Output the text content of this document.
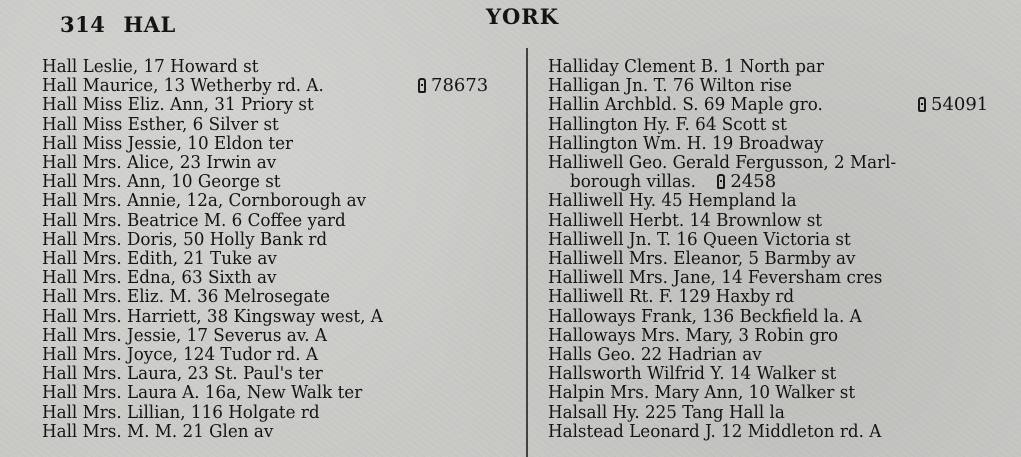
314 HAL	YORK
Hall Leslie, 17 Howard st
Hall Maurice, 13 Wetherby rd. A.	78673
Hall Miss Eliz. Ann, 31 Priory st
Hall Miss Esther, 6 Silver st
Hall Miss Jessie, 10 Eldon ter
Hall Mrs. Alice, 23 Irwin av
Hall Mrs. Ann, 10 George st
Hall Mrs. Annie, 12a, Cornborough av
Hall Mrs. Beatrice M. 6 Coffee yard
Hall Mrs. Doris, 50 Holly Bank rd
Hall Mrs. Edith, 21 Tuke av
Hall Mrs. Edna, 63 Sixth av
Hall Mrs. Eliz. M. 36 Melrosegate
Hall Mrs. Harriett, 38 Kingsway west, A
Hall Mrs. Jessie, 17 Severus av. A
Hall Mrs. Joyce, 124 Tudor rd. A
Hall Mrs. Laura, 23 St. Paul's ter
Hall Mrs. Laura A. 16a, New Walk ter
Hall Mrs. Lillian, 116 Holgate rd
Hall Mrs. M. M. 21 Glen av
Halliday Clement B. 1 North par
Halligan Jn. T. 76 Wilton rise
Hallin Archbld. S. 69 Maple gro.	54091
Hallington Hy. F. 64 Scott st
Hallington Wm. H. 19 Broadway
Halliwell Geo. Gerald Fergusson, 2 Marl-
borough villas. 2458
Halliwell Hy. 45 Hempland la
Halliwell Herbt. 14 Brownlow st
Halliwell Jn. T. 16 Queen Victoria st
Halliwell Mrs. Eleanor, 5 Barmby av
Halliwell Mrs. Jane, 14 Feversham cres
Halliwell Rt. F. 129 Haxby rd
Halloways Frank, 136 Beckfield la. A
Halloways Mrs. Mary, 3 Robin gro
Halls Geo. 22 Hadrian av
Hallsworth Wilfrid Y. 14 Walker st
Halpin Mrs. Mary Ann, 10 Walker st
Halsall Hy. 225 Tang Hall la
Halstead Leonard J. 12 Middleton rd. A
